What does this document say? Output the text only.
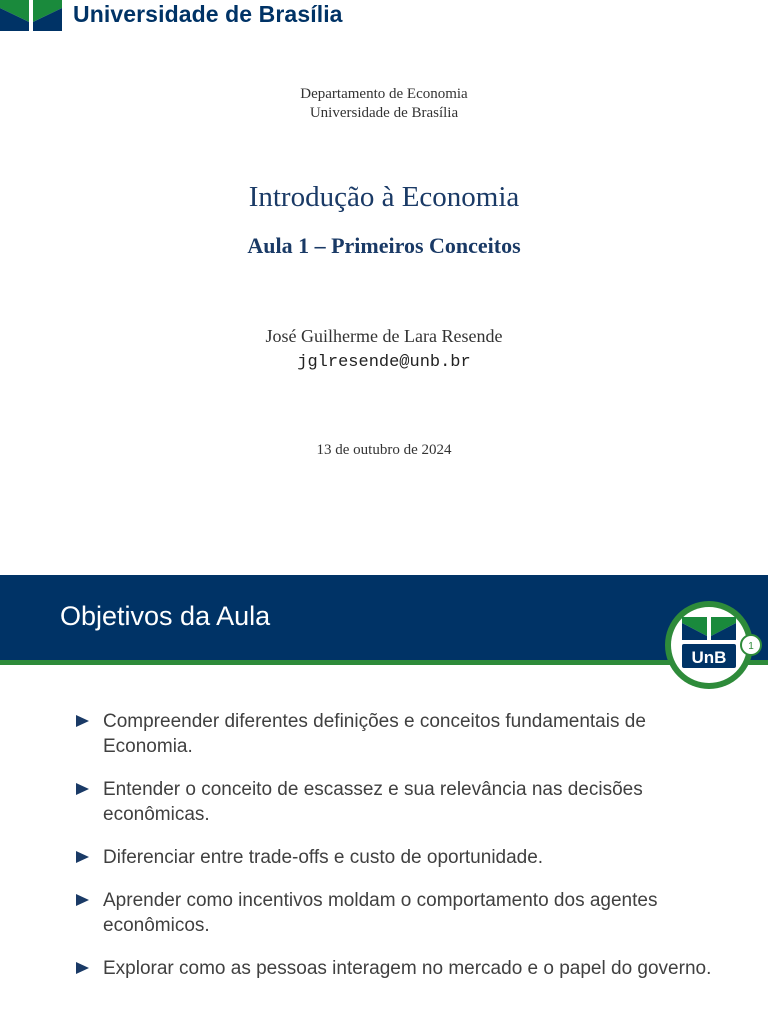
Universidade de Brasília
Departamento de Economia
Universidade de Brasília
Introdução à Economia
Aula 1 – Primeiros Conceitos
José Guilherme de Lara Resende
jglresende@unb.br
13 de outubro de 2024
Objetivos da Aula
UnB
1
Compreender diferentes definições e conceitos fundamentais de Economia.
Entender o conceito de escassez e sua relevância nas decisões econômicas.
Diferenciar entre trade-offs e custo de oportunidade.
Aprender como incentivos moldam o comportamento dos agentes econômicos.
Explorar como as pessoas interagem no mercado e o papel do governo.
